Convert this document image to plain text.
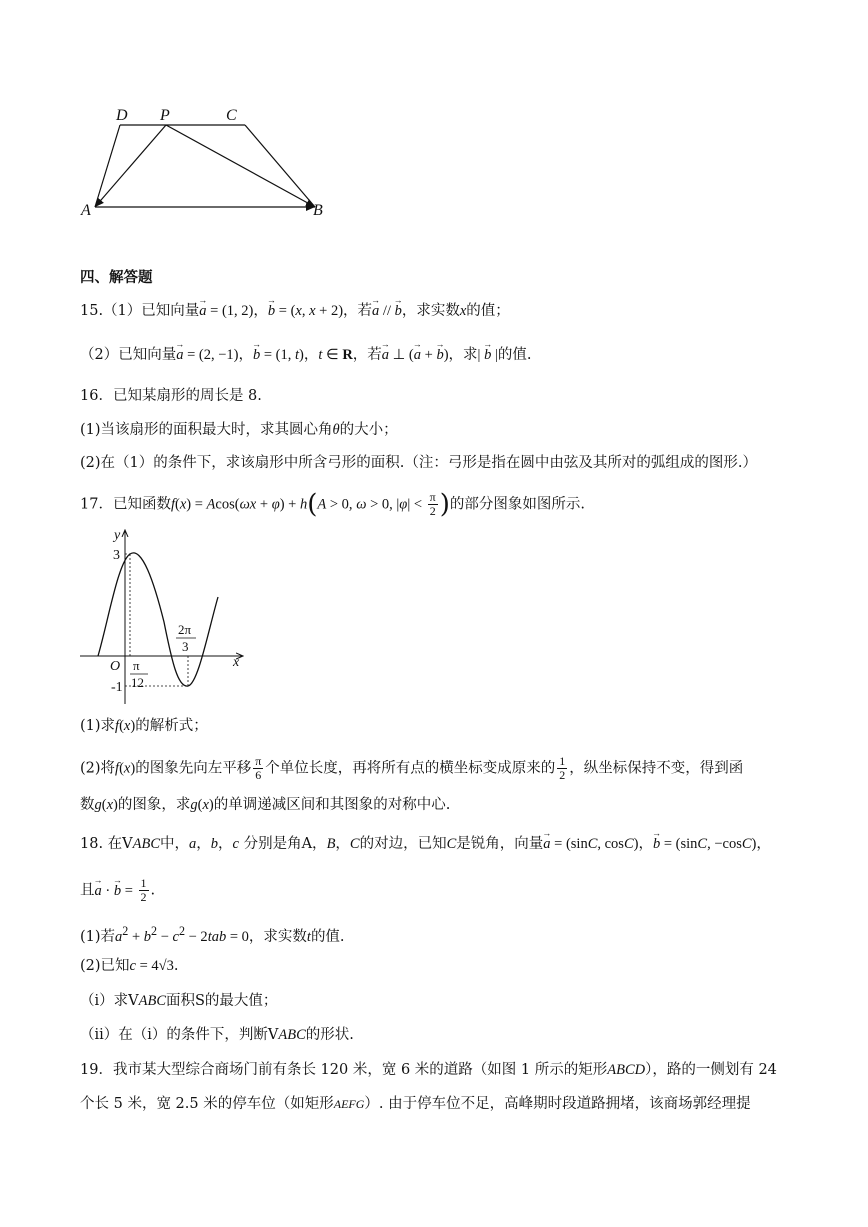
D P	C
A	B
四、解答题
15.（1）已知向量→ a = (1, 2)，→ b = (x, x + 2)，若→ a // → b，求实数x的值；
（2）已知向量→ a = (2, −1)，→ b = (1, t)，t ∈ R，若→ a ⊥ (→ a + → b)，求| → b |的值.
16．已知某扇形的周长是 8.
(1)当该扇形的面积最大时，求其圆心角θ的大小；
(2)在（1）的条件下，求该扇形中所含弓形的面积.（注：弓形是指在圆中由弦及其所对的弧组成的图形.）
17．已知函数f(x) = Acos(ωx + φ) + h(A > 0, ω > 0, $|\varphi| < \frac{\pi}{2}$ )的部分图象如图所示.
y
x
O
3
-1
π
12
2π
3
(1)求f(x)的解析式；
(2)将f(x)的图象先向左平移 $\frac{\pi}{6}$ 个单位长度，再将所有点的横坐标变成原来的 $\frac{1}{2}$ ，纵坐标保持不变，得到函
数g(x)的图象，求g(x)的单调递减区间和其图象的对称中心.
18. 在VABC中，a，b，c 分别是角A，B，C的对边，已知C是锐角，向量→ a = (sinC, cosC)，→ b = (sinC, −cosC)，
且→ a · → $b = \frac{1}{2}$ .
(1)若$a^2 + b^2 - c^2 - 2tab = 0$，求实数t的值.
(2)已知c = 4√3.
（i）求VABC面积S的最大值；
（ii）在（i）的条件下，判断VABC的形状.
19．我市某大型综合商场门前有条长 120 米，宽 6 米的道路（如图 1 所示的矩形ABCD），路的一侧划有 24
个长 5 米，宽 2.5 米的停车位（如矩形AEFG）. 由于停车位不足，高峰期时段道路拥堵，该商场郭经理提
